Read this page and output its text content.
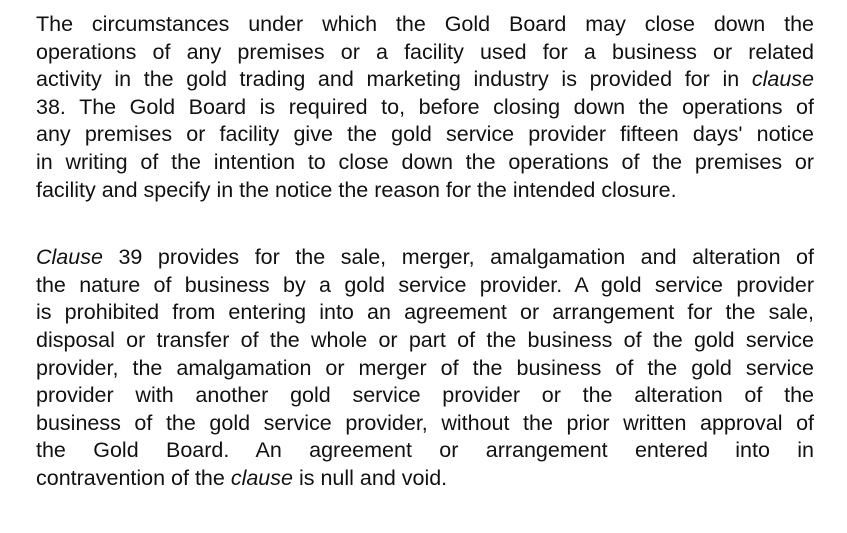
The circumstances under which the Gold Board may close down the
operations of any premises or a facility used for a business or related
activity in the gold trading and marketing industry is provided for in clause
38. The Gold Board is required to, before closing down the operations of
any premises or facility give the gold service provider fifteen days' notice
in writing of the intention to close down the operations of the premises or
facility and specify in the notice the reason for the intended closure.
Clause 39 provides for the sale, merger, amalgamation and alteration of
the nature of business by a gold service provider. A gold service provider
is prohibited from entering into an agreement or arrangement for the sale,
disposal or transfer of the whole or part of the business of the gold service
provider, the amalgamation or merger of the business of the gold service
provider with another gold service provider or the alteration of the
business of the gold service provider, without the prior written approval of
the Gold Board. An agreement or arrangement entered into in
contravention of the clause is null and void.
